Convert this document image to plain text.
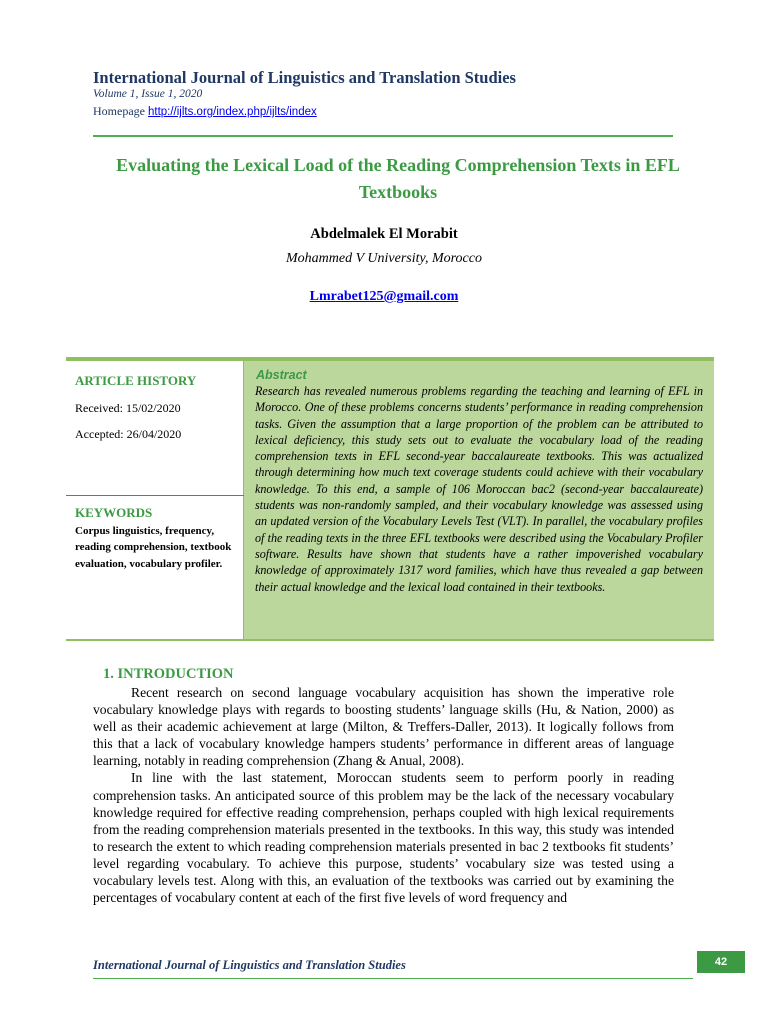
International Journal of Linguistics and Translation Studies
Volume 1, Issue 1, 2020
Homepage http://ijlts.org/index.php/ijlts/index
Evaluating the Lexical Load of the Reading Comprehension Texts in EFL Textbooks
Abdelmalek El Morabit
Mohammed V University, Morocco
Lmrabet125@gmail.com
ARTICLE HISTORY
Received: 15/02/2020
Accepted: 26/04/2020
KEYWORDS
Corpus linguistics, frequency, reading comprehension, textbook evaluation, vocabulary profiler.
Abstract
Research has revealed numerous problems regarding the teaching and learning of EFL in Morocco. One of these problems concerns students’ performance in reading comprehension tasks. Given the assumption that a large proportion of the problem can be attributed to lexical deficiency, this study sets out to evaluate the vocabulary load of the reading comprehension texts in EFL second-year baccalaureate textbooks. This was actualized through determining how much text coverage students could achieve with their vocabulary knowledge. To this end, a sample of 106 Moroccan bac2 (second-year baccalaureate) students was non-randomly sampled, and their vocabulary knowledge was assessed using an updated version of the Vocabulary Levels Test (VLT). In parallel, the vocabulary profiles of the reading texts in the three EFL textbooks were described using the Vocabulary Profiler software. Results have shown that students have a rather impoverished vocabulary knowledge of approximately 1317 word families, which have thus revealed a gap between their actual knowledge and the lexical load contained in their textbooks.
1. INTRODUCTION

Recent research on second language vocabulary acquisition has shown the imperative role vocabulary knowledge plays with regards to boosting students’ language skills (Hu, & Nation, 2000) as well as their academic achievement at large (Milton, & Treffers-Daller, 2013). It logically follows from this that a lack of vocabulary knowledge hampers students’ performance in different areas of language learning, notably in reading comprehension (Zhang & Anual, 2008).

In line with the last statement, Moroccan students seem to perform poorly in reading comprehension tasks. An anticipated source of this problem may be the lack of the necessary vocabulary knowledge required for effective reading comprehension, perhaps coupled with high lexical requirements from the reading comprehension materials presented in the textbooks. In this way, this study was intended to research the extent to which reading comprehension materials presented in bac 2 textbooks fit students’ level regarding vocabulary. To achieve this purpose, students’ vocabulary size was tested using a vocabulary levels test. Along with this, an evaluation of the textbooks was carried out by examining the percentages of vocabulary content at each of the first five levels of word frequency and

International Journal of Linguistics and Translation Studies	42
